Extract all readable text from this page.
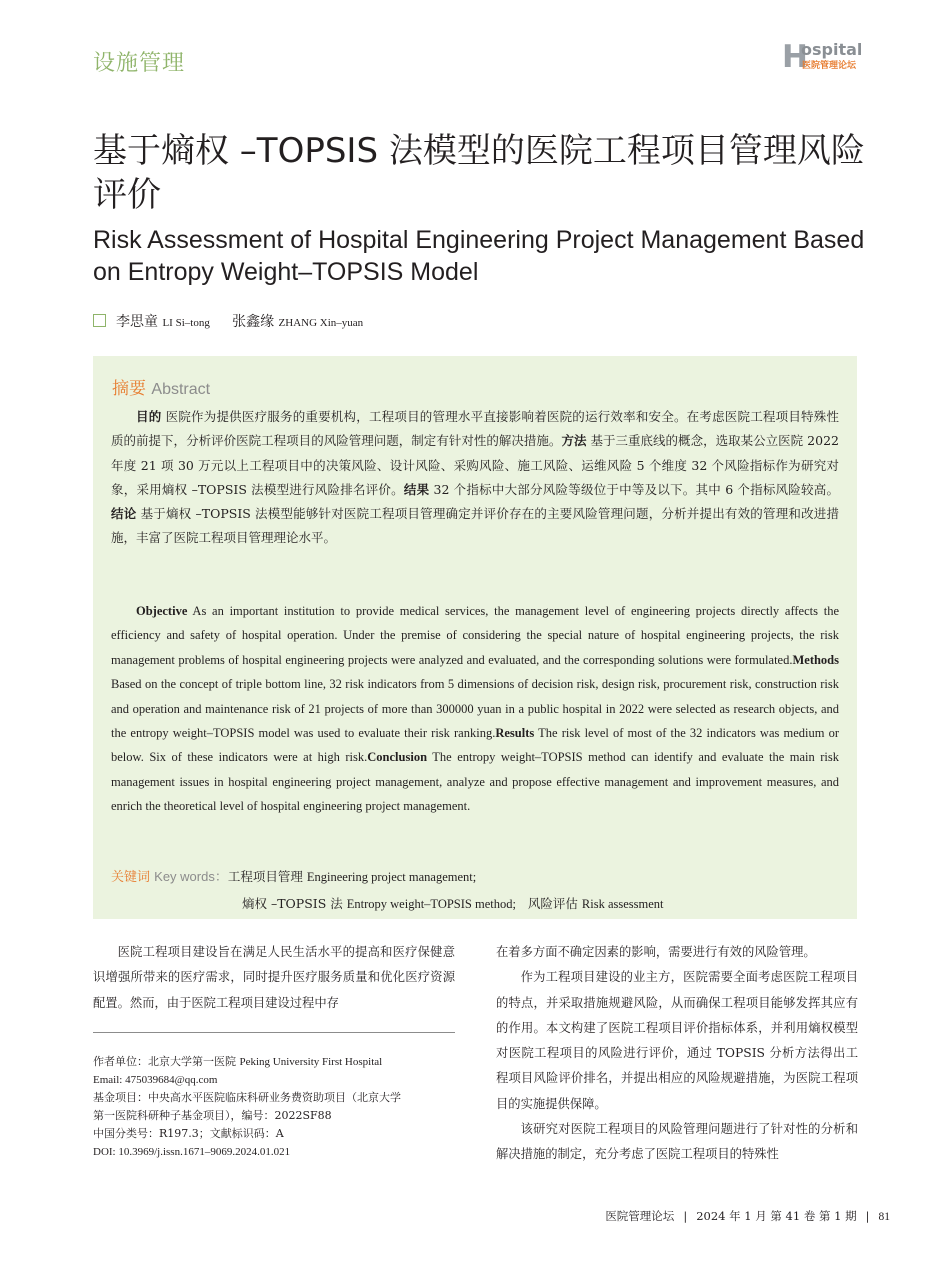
设施管理	H
ospital
医院管理论坛
基于熵权 –TOPSIS 法模型的医院工程项目管理风险评价
Risk Assessment of Hospital Engineering Project Management Based on Entropy Weight–TOPSIS Model
李思童 LI Si–tong 张鑫缘 ZHANG Xin–yuan
摘要 Abstract

目的 医院作为提供医疗服务的重要机构，工程项目的管理水平直接影响着医院的运行效率和安全。在考虑医院工程项目特殊性质的前提下，分析评价医院工程项目的风险管理问题，制定有针对性的解决措施。方法 基于三重底线的概念，选取某公立医院 2022 年度 21 项 30 万元以上工程项目中的决策风险、设计风险、采购风险、施工风险、运维风险 5 个维度 32 个风险指标作为研究对象，采用熵权 –TOPSIS 法模型进行风险排名评价。结果 32 个指标中大部分风险等级位于中等及以下。其中 6 个指标风险较高。结论 基于熵权 –TOPSIS 法模型能够针对医院工程项目管理确定并评价存在的主要风险管理问题，分析并提出有效的管理和改进措施，丰富了医院工程项目管理理论水平。

Objective As an important institution to provide medical services, the management level of engineering projects directly affects the efficiency and safety of hospital operation. Under the premise of considering the special nature of hospital engineering projects, the risk management problems of hospital engineering projects were analyzed and evaluated, and the corresponding solutions were formulated.Methods Based on the concept of triple bottom line, 32 risk indicators from 5 dimensions of decision risk, design risk, procurement risk, construction risk and operation and maintenance risk of 21 projects of more than 300000 yuan in a public hospital in 2022 were selected as research objects, and the entropy weight–TOPSIS model was used to evaluate their risk ranking.Results The risk level of most of the 32 indicators was medium or below. Six of these indicators were at high risk.Conclusion The entropy weight–TOPSIS method can identify and evaluate the main risk management issues in hospital engineering project management, analyze and propose effective management and improvement measures, and enrich the theoretical level of hospital engineering project management.

关键词 Key words：工程项目管理 Engineering project management;
熵权 –TOPSIS 法 Entropy weight–TOPSIS method; 风险评估 Risk assessment

医院工程项目建设旨在满足人民生活水平的提高和医疗保健意识增强所带来的医疗需求，同时提升医疗服务质量和优化医疗资源配置。然而，由于医院工程项目建设过程中存

作者单位：北京大学第一医院 Peking University First Hospital
Email: 475039684@qq.com
基金项目：中央高水平医院临床科研业务费资助项目（北京大学
第一医院科研种子基金项目），编号：2022SF88
中国分类号：R197.3；文献标识码：A
DOI: 10.3969/j.issn.1671–9069.2024.01.021

在着多方面不确定因素的影响，需要进行有效的风险管理。

作为工程项目建设的业主方，医院需要全面考虑医院工程项目的特点，并采取措施规避风险，从而确保工程项目能够发挥其应有的作用。本文构建了医院工程项目评价指标体系，并利用熵权模型对医院工程项目的风险进行评价，通过 TOPSIS 分析方法得出工程项目风险评价排名，并提出相应的风险规避措施，为医院工程项目的实施提供保障。

该研究对医院工程项目的风险管理问题进行了针对性的分析和解决措施的制定，充分考虑了医院工程项目的特殊性

医院管理论坛 | 2024 年 1 月 第 41 卷 第 1 期 | 81
